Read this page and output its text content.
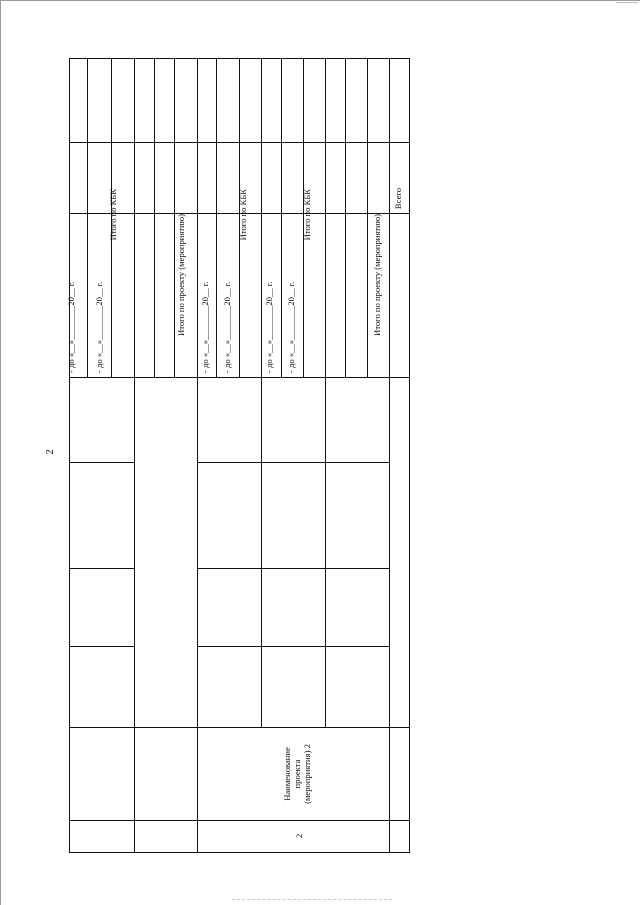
2
- до «__»________20__ г. - до «__»________20__ г.
Итого по КБК	Итого по проекту (мероприятию) - до «__»________20__ г. - до «__»________20__ г.
Итого по КБК
- до «__»________20__ г. - до «__»________20__ г.
Итого по КБК	Итого по проекту (мероприятию)
Всего
2
Наименование
проекта
(мероприятия) 2
